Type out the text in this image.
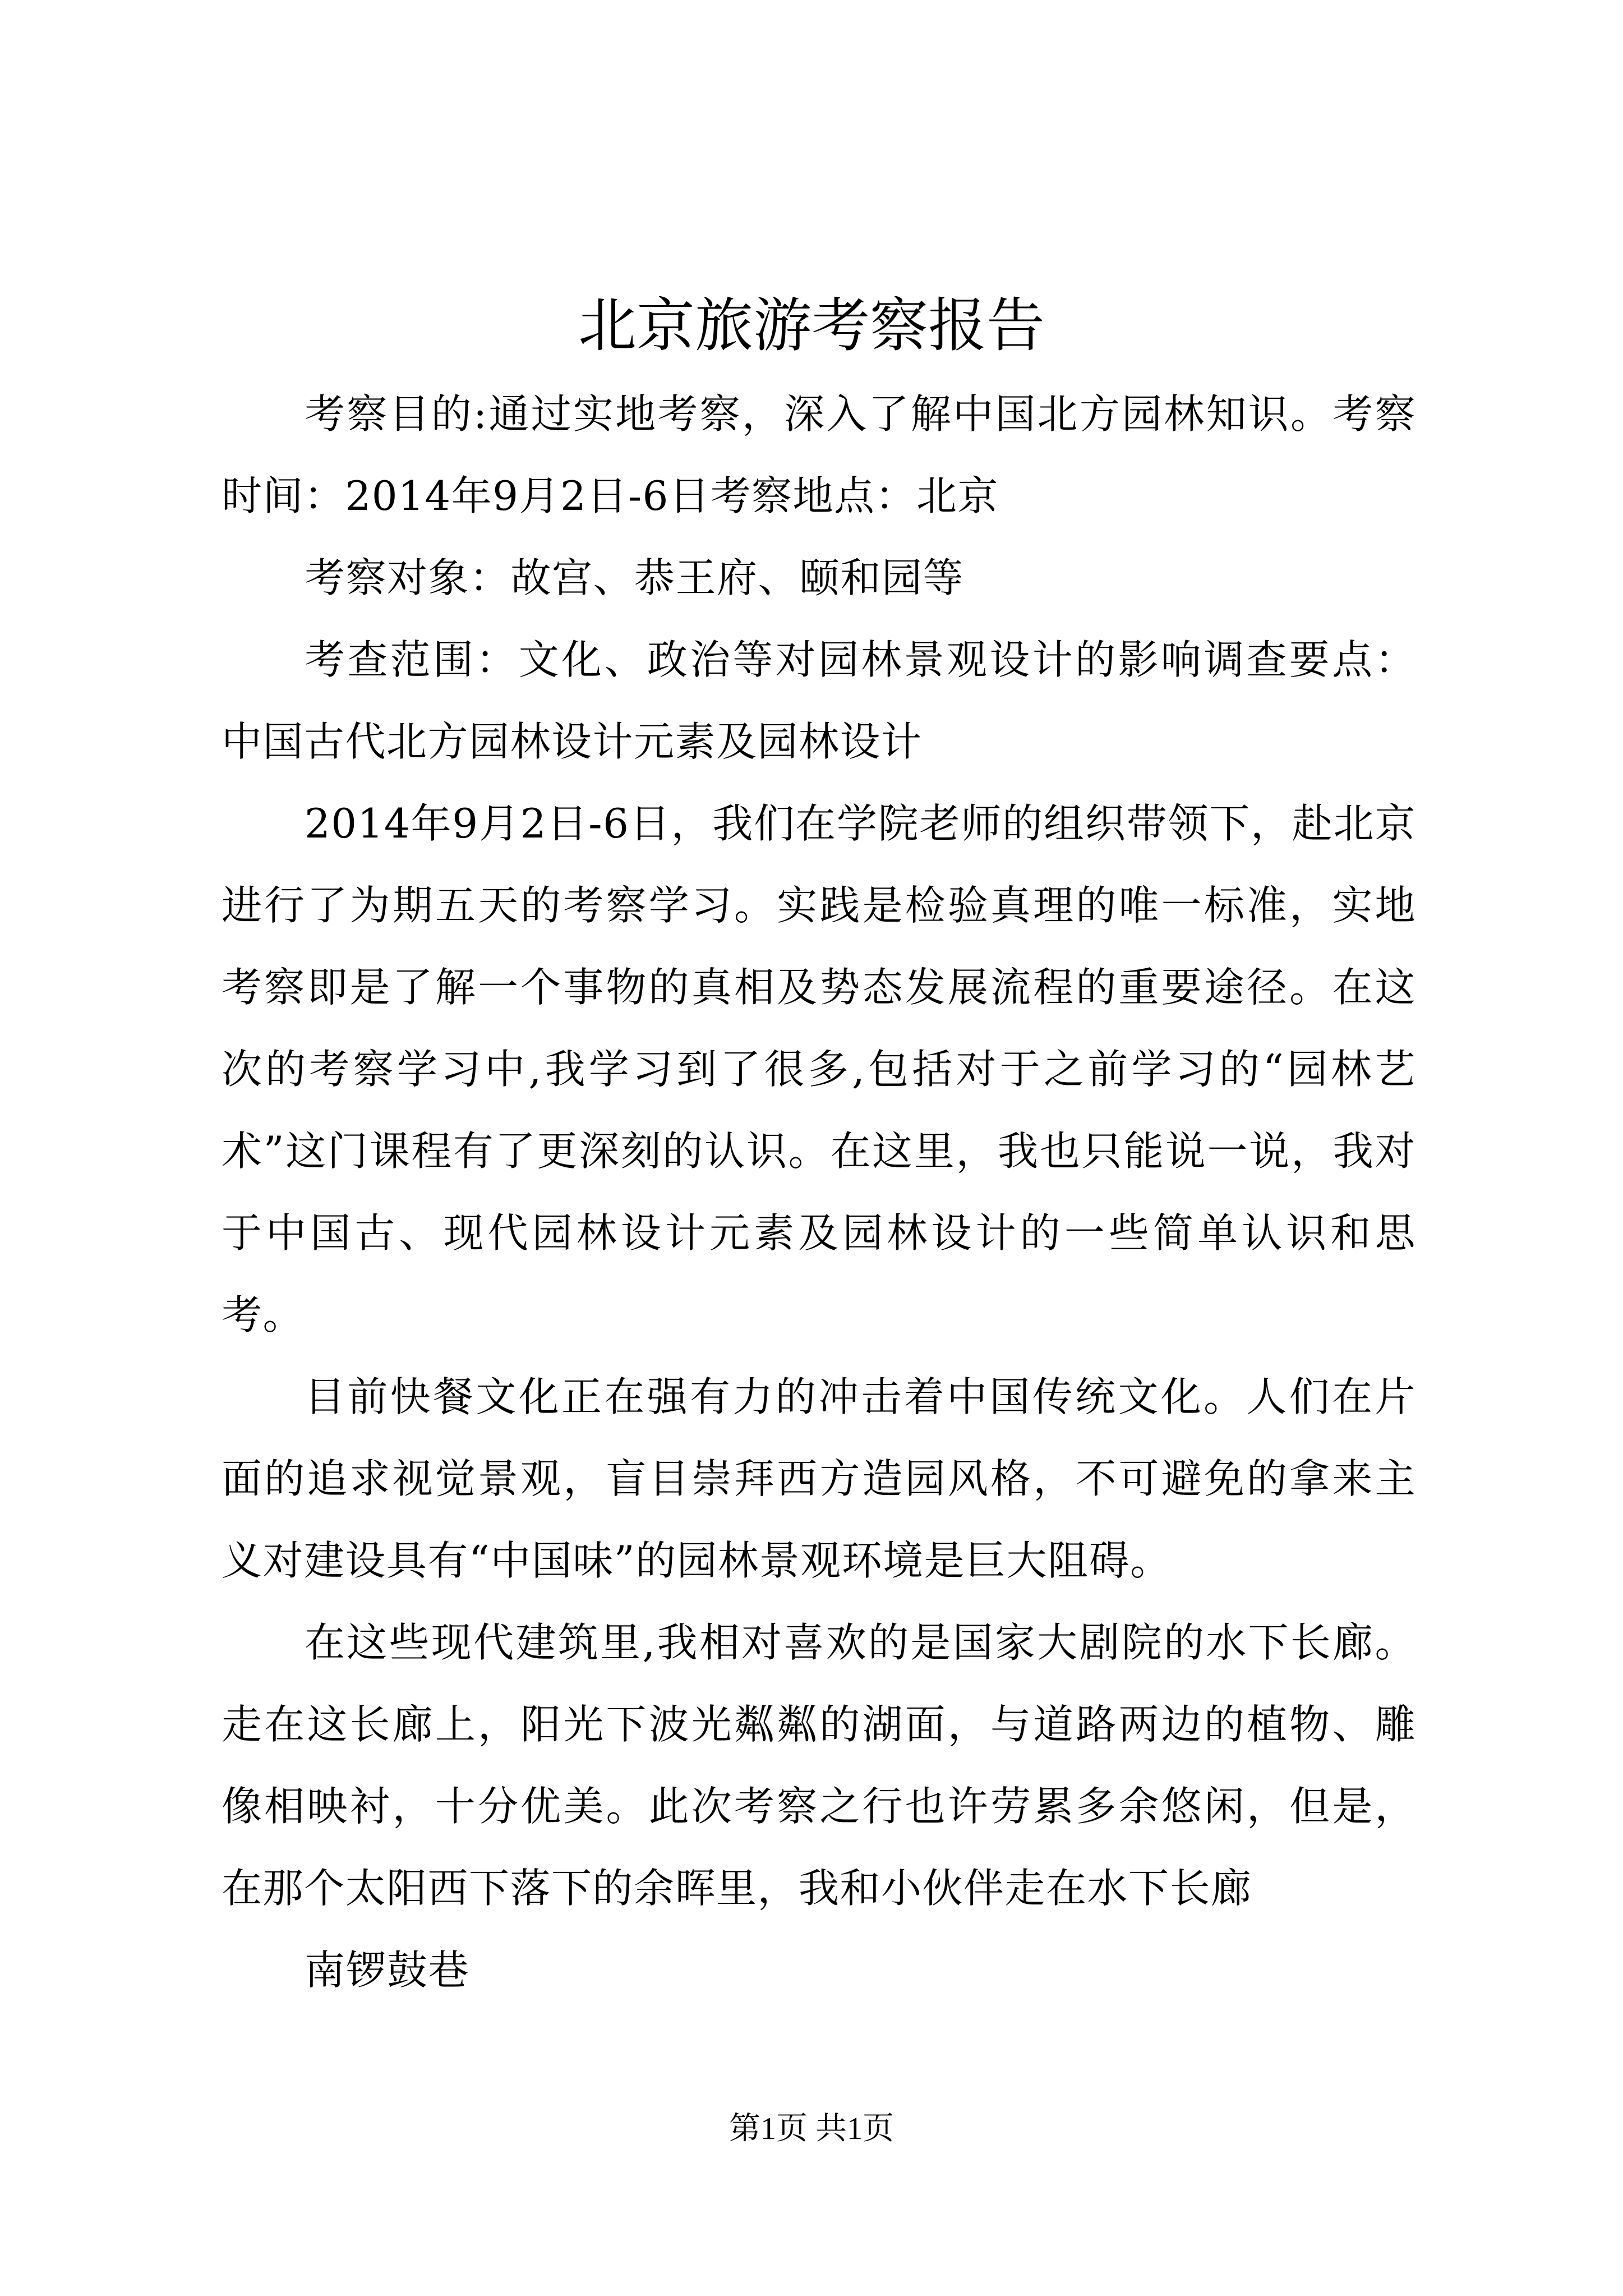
北京旅游考察报告

考察目的:通过实地考察，深入了解中国北方园林知识。考察时间：2014年9月2日-6日考察地点：北京

考察对象：故宫、恭王府、颐和园等

考查范围：文化、政治等对园林景观设计的影响调查要点：中国古代北方园林设计元素及园林设计

2014年9月2日-6日，我们在学院老师的组织带领下，赴北京进行了为期五天的考察学习。实践是检验真理的唯一标准，实地考察即是了解一个事物的真相及势态发展流程的重要途径。在这次的考察学习中,我学习到了很多,包括对于之前学习的“园林艺术”这门课程有了更深刻的认识。在这里，我也只能说一说，我对于中国古、现代园林设计元素及园林设计的一些简单认识和思考。

目前快餐文化正在强有力的冲击着中国传统文化。人们在片面的追求视觉景观，盲目崇拜西方造园风格，不可避免的拿来主义对建设具有“中国味”的园林景观环境是巨大阻碍。

在这些现代建筑里,我相对喜欢的是国家大剧院的水下长廊。走在这长廊上，阳光下波光粼粼的湖面，与道路两边的植物、雕像相映衬，十分优美。此次考察之行也许劳累多余悠闲，但是，在那个太阳西下落下的余晖里，我和小伙伴走在水下长廊

南锣鼓巷

第1页 共1页
